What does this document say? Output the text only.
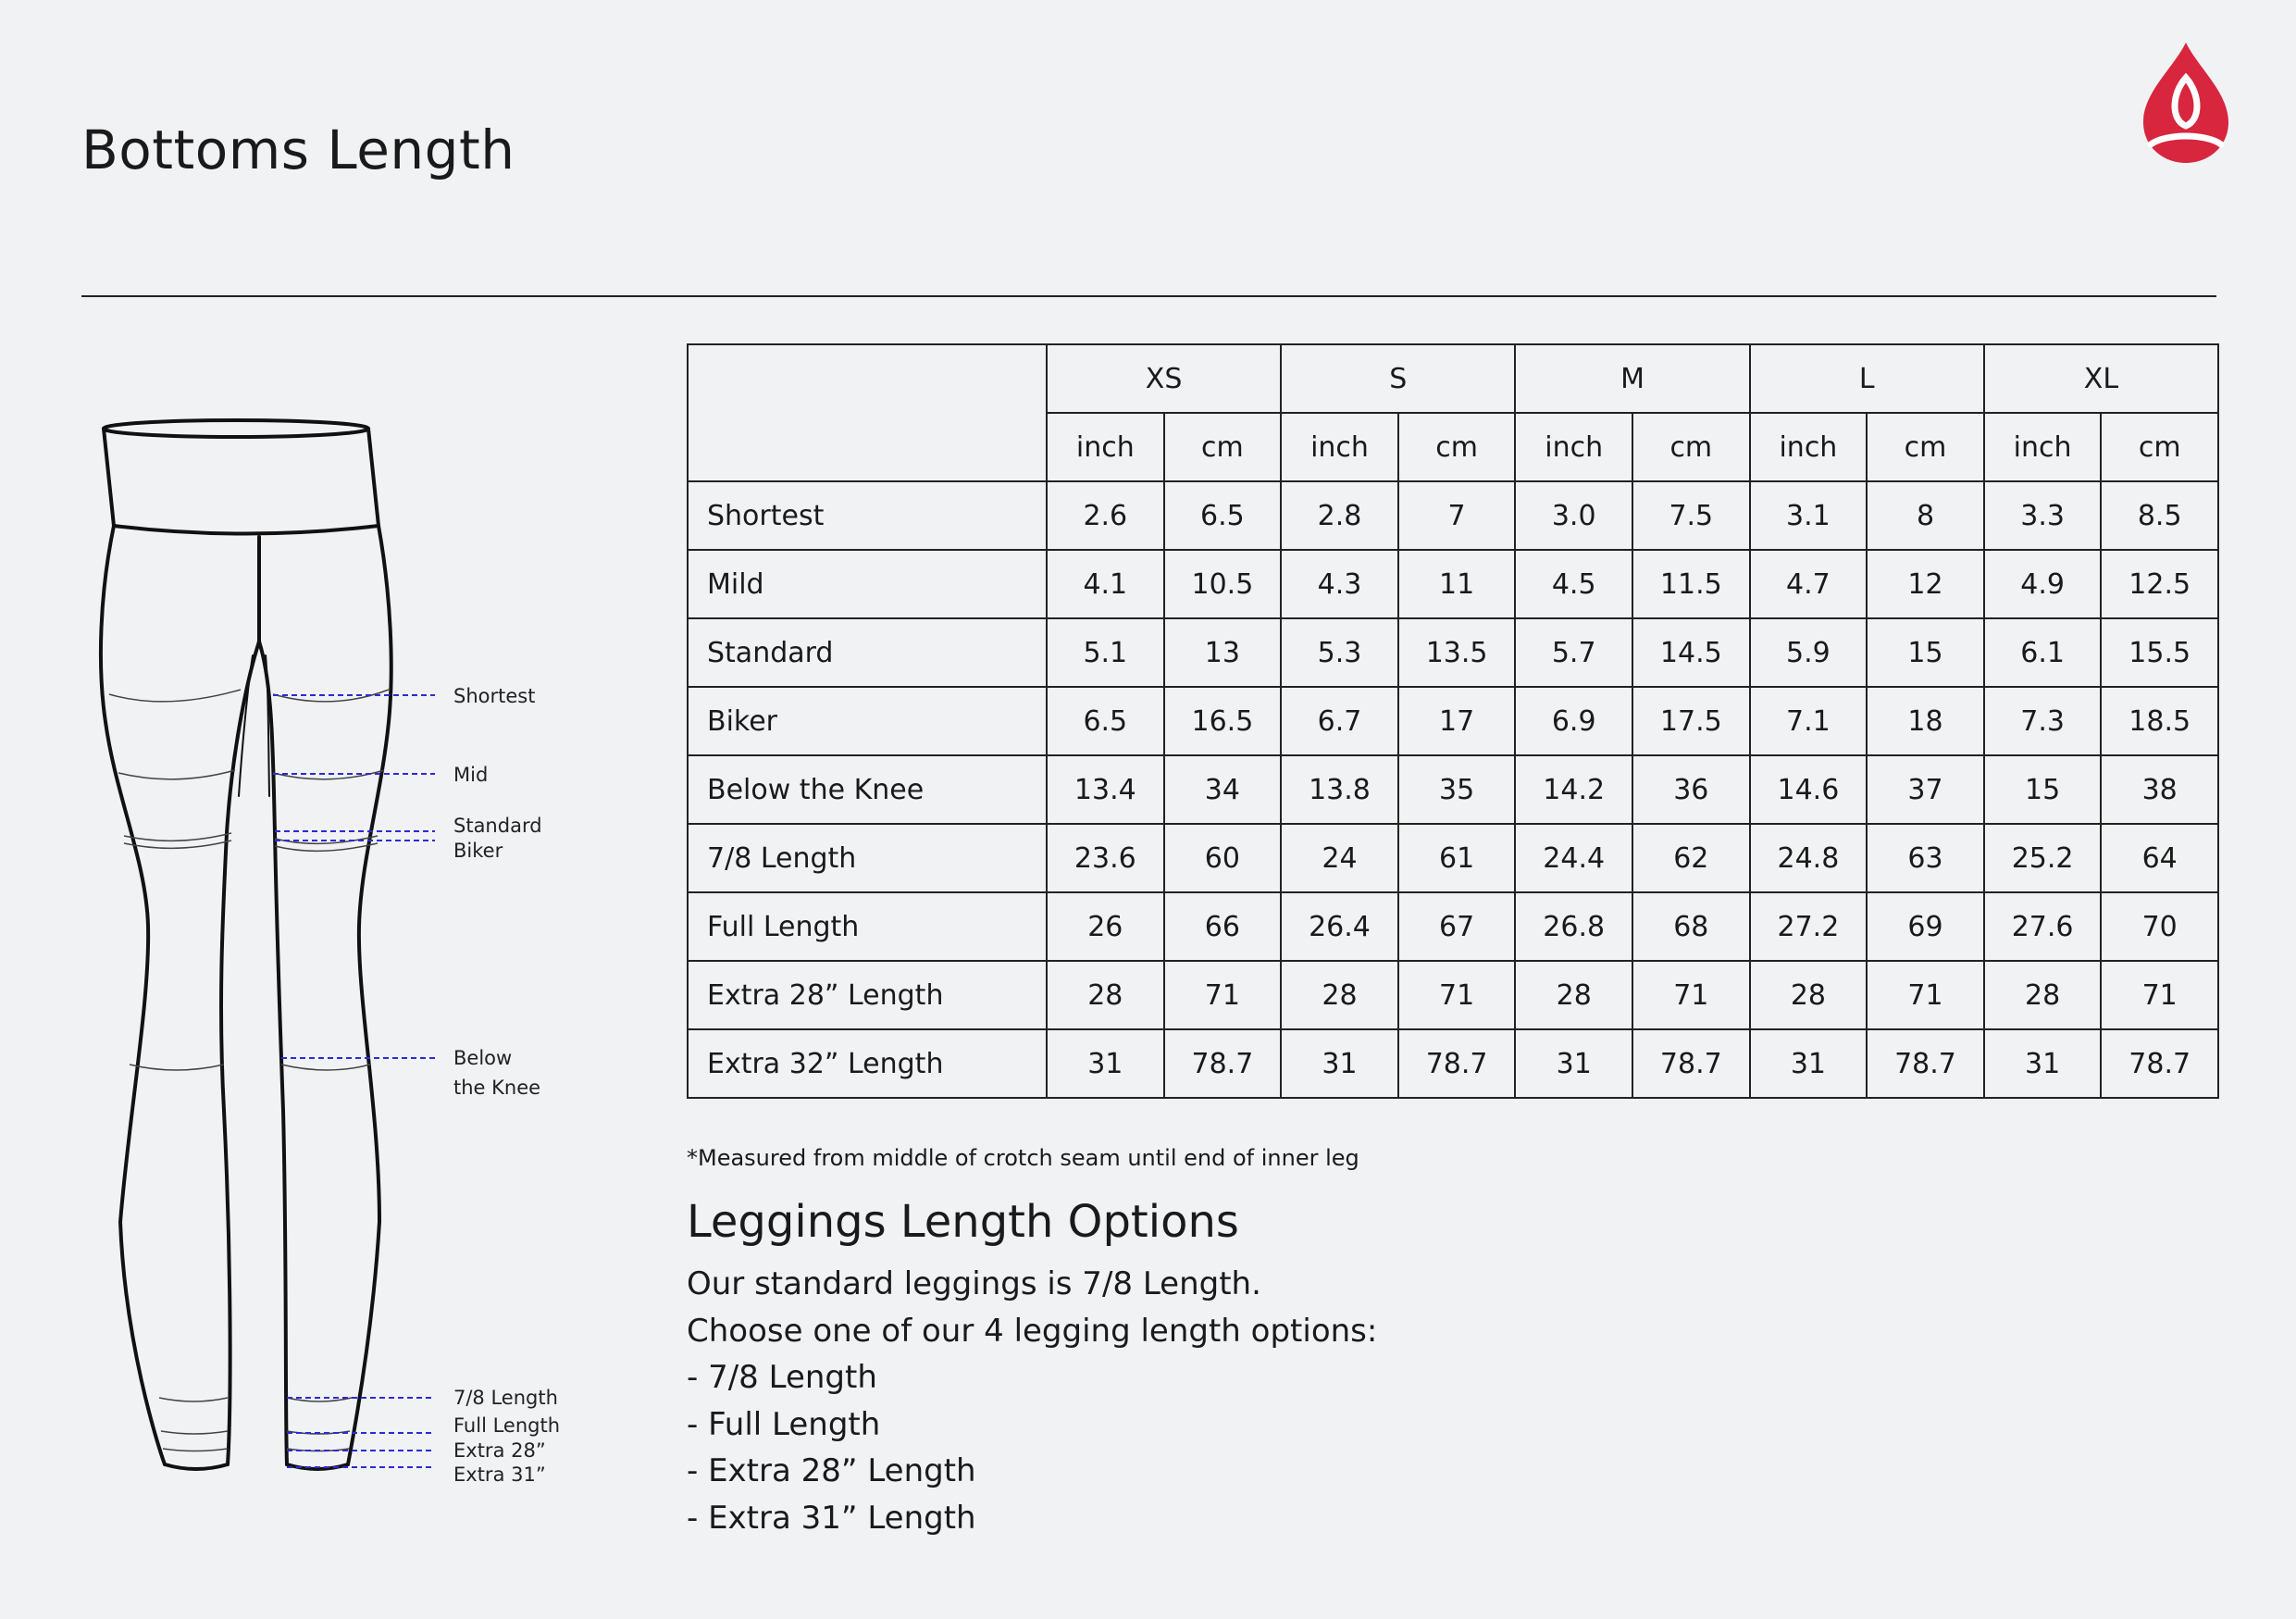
Bottoms Length
Shortest
Mid
Standard
Biker
Below
the Knee
7/8 Length
Full Length
Extra 28”
Extra 31”
	XS		S		M		L		XL	
	inch	cm	inch	cm	inch	cm	inch	cm	inch	cm
Shortest	2.6	6.5	2.8	7	3.0	7.5	3.1	8	3.3	8.5
Mild	4.1	10.5	4.3	11	4.5	11.5	4.7	12	4.9	12.5
Standard	5.1	13	5.3	13.5	5.7	14.5	5.9	15	6.1	15.5
Biker	6.5	16.5	6.7	17	6.9	17.5	7.1	18	7.3	18.5
Below the Knee	13.4	34	13.8	35	14.2	36	14.6	37	15	38
7/8 Length	23.6	60	24	61	24.4	62	24.8	63	25.2	64
Full Length	26	66	26.4	67	26.8	68	27.2	69	27.6	70
Extra 28” Length	28	71	28	71	28	71	28	71	28	71
Extra 32” Length	31	78.7	31	78.7	31	78.7	31	78.7	31	78.7
*Measured from middle of crotch seam until end of inner leg
Leggings Length Options
Our standard leggings is 7/8 Length.
Choose one of our 4 legging length options:
- 7/8 Length
- Full Length
- Extra 28” Length
- Extra 31” Length
